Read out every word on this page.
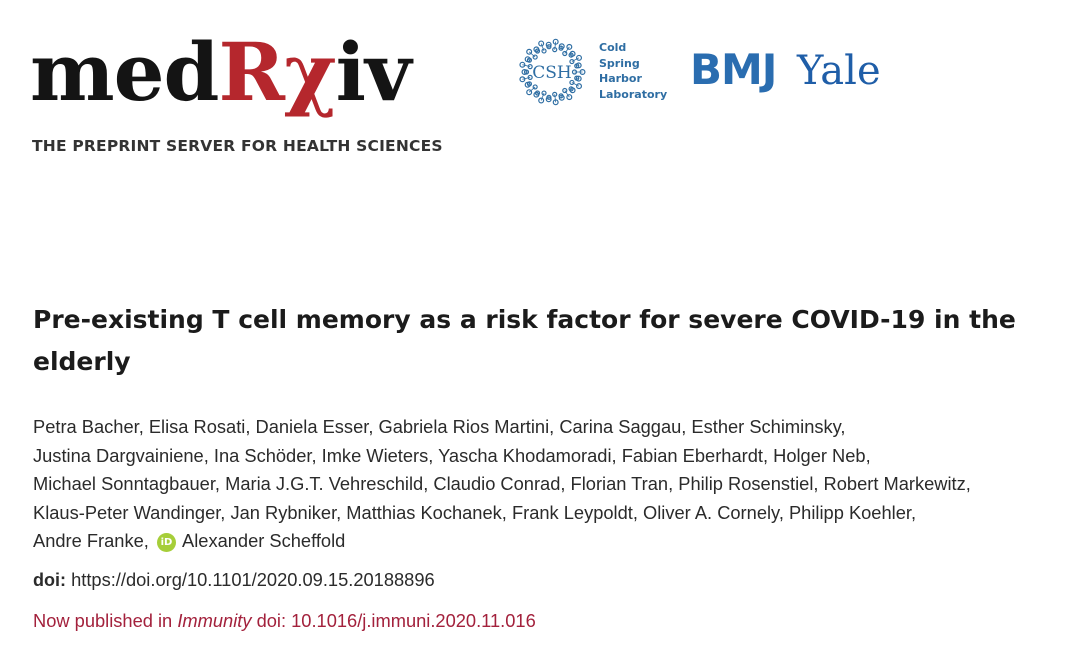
medRχiv
THE PREPRINT SERVER FOR HEALTH SCIENCES
CSH
Cold
Spring
Harbor
Laboratory BMJ Yale
Pre-existing T cell memory as a risk factor for severe COVID-19 in the elderly
Petra Bacher, Elisa Rosati, Daniela Esser, Gabriela Rios Martini, Carina Saggau, Esther Schiminsky,
Justina Dargvainiene, Ina Schöder, Imke Wieters, Yascha Khodamoradi, Fabian Eberhardt, Holger Neb,
Michael Sonntagbauer, Maria J.G.T. Vehreschild, Claudio Conrad, Florian Tran, Philip Rosenstiel, Robert Markewitz,
Klaus-Peter Wandinger, Jan Rybniker, Matthias Kochanek, Frank Leypoldt, Oliver A. Cornely, Philipp Koehler,
Andre Franke, iD Alexander Scheffold
doi: https://doi.org/10.1101/2020.09.15.20188896
Now published in Immunity doi: 10.1016/j.immuni.2020.11.016
